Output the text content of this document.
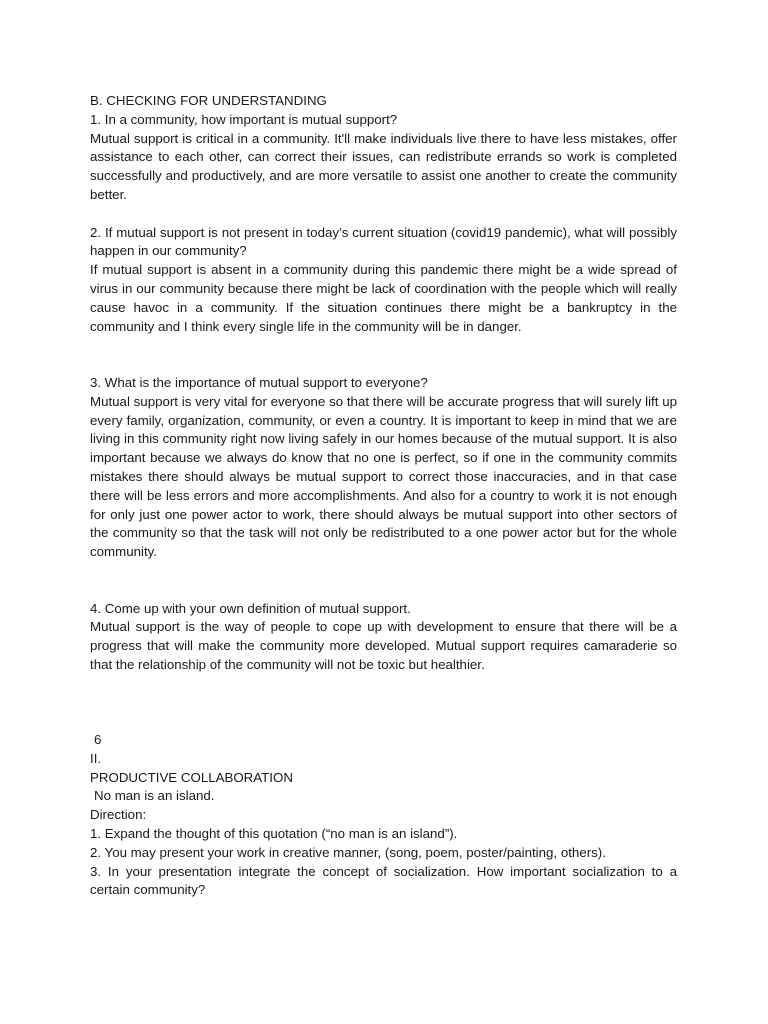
B. CHECKING FOR UNDERSTANDING
1. In a community, how important is mutual support?
Mutual support is critical in a community. It'll make individuals live there to have less mistakes, offer assistance to each other, can correct their issues, can redistribute errands so work is completed successfully and productively, and are more versatile to assist one another to create the community better.
2. If mutual support is not present in today’s current situation (covid19 pandemic), what will possibly happen in our community?
If mutual support is absent in a community during this pandemic there might be a wide spread of virus in our community because there might be lack of coordination with the people which will really cause havoc in a community. If the situation continues there might be a bankruptcy in the community and I think every single life in the community will be in danger.
3. What is the importance of mutual support to everyone?
Mutual support is very vital for everyone so that there will be accurate progress that will surely lift up every family, organization, community, or even a country. It is important to keep in mind that we are living in this community right now living safely in our homes because of the mutual support. It is also important because we always do know that no one is perfect, so if one in the community commits mistakes there should always be mutual support to correct those inaccuracies, and in that case there will be less errors and more accomplishments. And also for a country to work it is not enough for only just one power actor to work, there should always be mutual support into other sectors of the community so that the task will not only be redistributed to a one power actor but for the whole community.
4. Come up with your own definition of mutual support.
Mutual support is the way of people to cope up with development to ensure that there will be a progress that will make the community more developed. Mutual support requires camaraderie so that the relationship of the community will not be toxic but healthier.
6
II.
PRODUCTIVE COLLABORATION
No man is an island.
Direction:
1. Expand the thought of this quotation (“no man is an island”).
2. You may present your work in creative manner, (song, poem, poster/painting, others).
3. In your presentation integrate the concept of socialization. How important socialization to a certain community?
